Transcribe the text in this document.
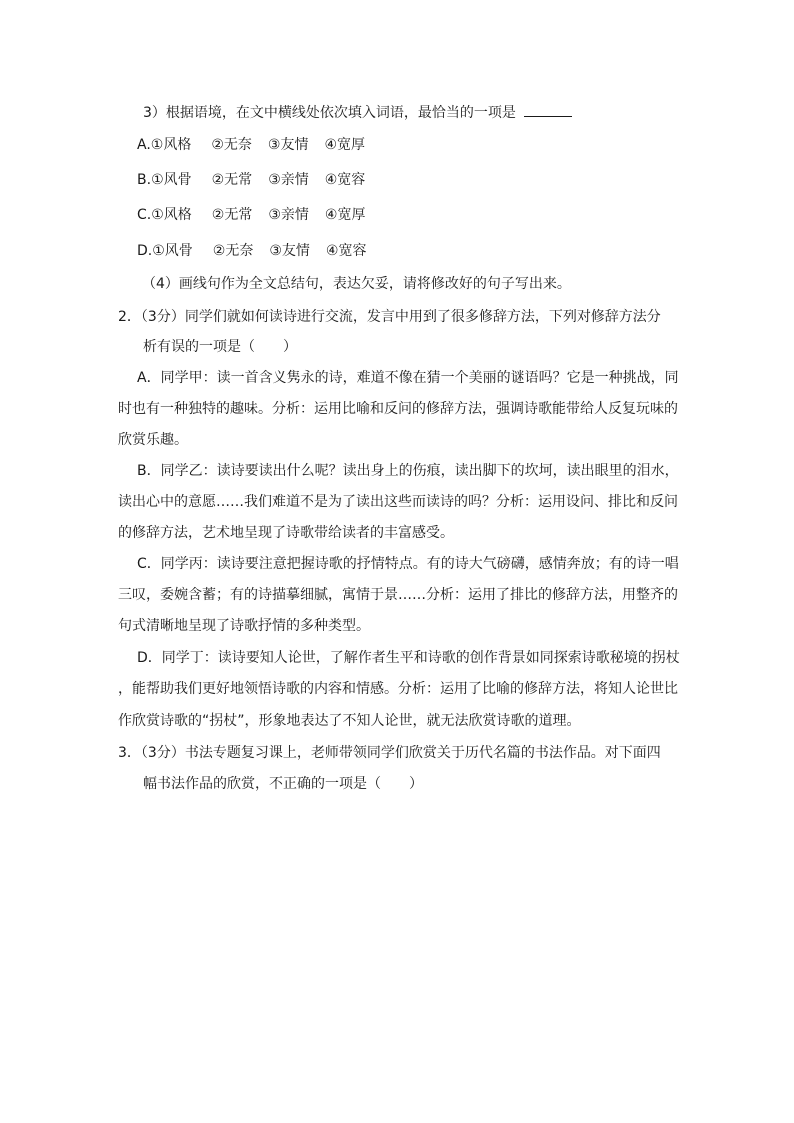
3）根据语境，在文中横线处依次填入词语，最恰当的一项是
A.①风格 ②无奈 ③友情 ④宽厚
B.①风骨 ②无常 ③亲情 ④宽容
C.①风格 ②无常 ③亲情 ④宽厚
D.①风骨 ②无奈 ③友情 ④宽容
（4）画线句作为全文总结句，表达欠妥，请将修改好的句子写出来。
2．（3分）同学们就如何读诗进行交流，发言中用到了很多修辞方法，下列对修辞方法分
析有误的一项是（　　）
A．同学甲：读一首含义隽永的诗，难道不像在猜一个美丽的谜语吗？它是一种挑战，同
时也有一种独特的趣味。分析：运用比喻和反问的修辞方法，强调诗歌能带给人反复玩味的
欣赏乐趣。
B．同学乙：读诗要读出什么呢？读出身上的伤痕，读出脚下的坎坷，读出眼里的泪水，
读出心中的意愿……我们难道不是为了读出这些而读诗的吗？分析：运用设问、排比和反问
的修辞方法，艺术地呈现了诗歌带给读者的丰富感受。
C．同学丙：读诗要注意把握诗歌的抒情特点。有的诗大气磅礴，感情奔放；有的诗一唱
三叹，委婉含蓄；有的诗描摹细腻，寓情于景……分析：运用了排比的修辞方法，用整齐的
句式清晰地呈现了诗歌抒情的多种类型。
D．同学丁：读诗要知人论世，了解作者生平和诗歌的创作背景如同探索诗歌秘境的拐杖
，能帮助我们更好地领悟诗歌的内容和情感。分析：运用了比喻的修辞方法，将知人论世比
作欣赏诗歌的“拐杖”，形象地表达了不知人论世，就无法欣赏诗歌的道理。
3．（3分）书法专题复习课上，老师带领同学们欣赏关于历代名篇的书法作品。对下面四
幅书法作品的欣赏，不正确的一项是（　　）
